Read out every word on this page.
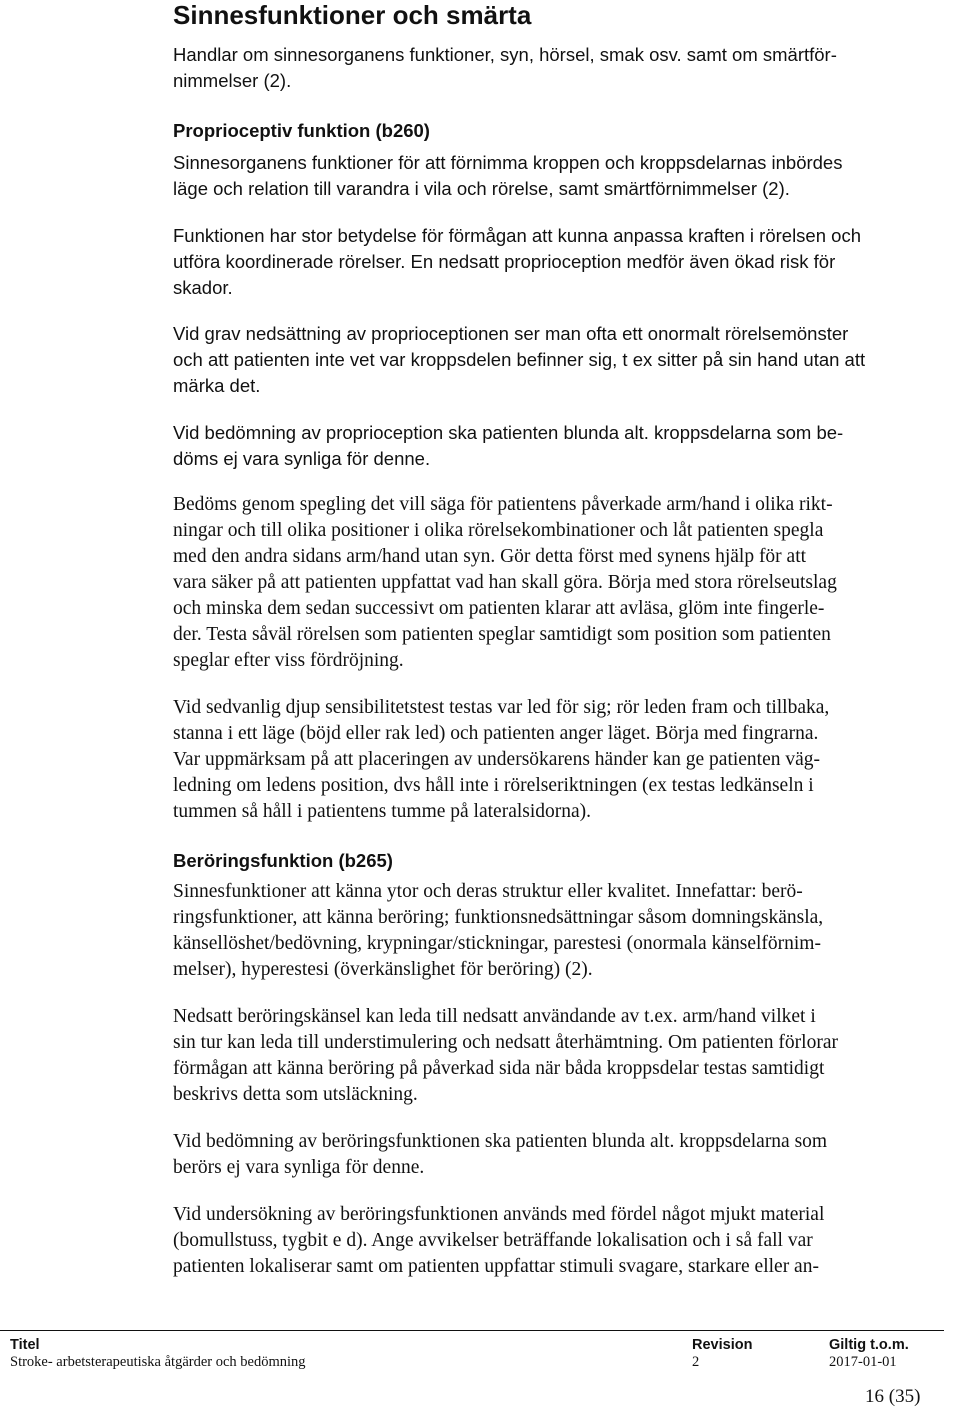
Sinnesfunktioner och smärta
Handlar om sinnesorganens funktioner, syn, hörsel, smak osv. samt om smärtför-
nimmelser (2).
Proprioceptiv funktion (b260)
Sinnesorganens funktioner för att förnimma kroppen och kroppsdelarnas inbördes
läge och relation till varandra i vila och rörelse, samt smärtförnimmelser (2).
Funktionen har stor betydelse för förmågan att kunna anpassa kraften i rörelsen och
utföra koordinerade rörelser. En nedsatt proprioception medför även ökad risk för
skador.
Vid grav nedsättning av proprioceptionen ser man ofta ett onormalt rörelsemönster
och att patienten inte vet var kroppsdelen befinner sig, t ex sitter på sin hand utan att
märka det.
Vid bedömning av proprioception ska patienten blunda alt. kroppsdelarna som be-
döms ej vara synliga för denne.
Bedöms genom spegling det vill säga för patientens påverkade arm/hand i olika rikt-
ningar och till olika positioner i olika rörelsekombinationer och låt patienten spegla
med den andra sidans arm/hand utan syn. Gör detta först med synens hjälp för att
vara säker på att patienten uppfattat vad han skall göra. Börja med stora rörelseutslag
och minska dem sedan successivt om patienten klarar att avläsa, glöm inte fingerle-
der. Testa såväl rörelsen som patienten speglar samtidigt som position som patienten
speglar efter viss fördröjning.
Vid sedvanlig djup sensibilitetstest testas var led för sig; rör leden fram och tillbaka,
stanna i ett läge (böjd eller rak led) och patienten anger läget. Börja med fingrarna.
Var uppmärksam på att placeringen av undersökarens händer kan ge patienten väg-
ledning om ledens position, dvs håll inte i rörelseriktningen (ex testas ledkänseln i
tummen så håll i patientens tumme på lateralsidorna).
Beröringsfunktion (b265)
Sinnesfunktioner att känna ytor och deras struktur eller kvalitet. Innefattar: berö-
ringsfunktioner, att känna beröring; funktionsnedsättningar såsom domningskänsla,
känsellöshet/bedövning, krypningar/stickningar, parestesi (onormala känselförnim-
melser), hyperestesi (överkänslighet för beröring) (2).
Nedsatt beröringskänsel kan leda till nedsatt användande av t.ex. arm/hand vilket i
sin tur kan leda till understimulering och nedsatt återhämtning. Om patienten förlorar
förmågan att känna beröring på påverkad sida när båda kroppsdelar testas samtidigt
beskrivs detta som utsläckning.
Vid bedömning av beröringsfunktionen ska patienten blunda alt. kroppsdelarna som
berörs ej vara synliga för denne.
Vid undersökning av beröringsfunktionen används med fördel något mjukt material
(bomullstuss, tygbit e d). Ange avvikelser beträffande lokalisation och i så fall var
patienten lokaliserar samt om patienten uppfattar stimuli svagare, starkare eller an-
Titel
Stroke- arbetsterapeutiska åtgärder och bedömning
Revision
2
Giltig t.o.m.
2017-01-01
16 (35)
